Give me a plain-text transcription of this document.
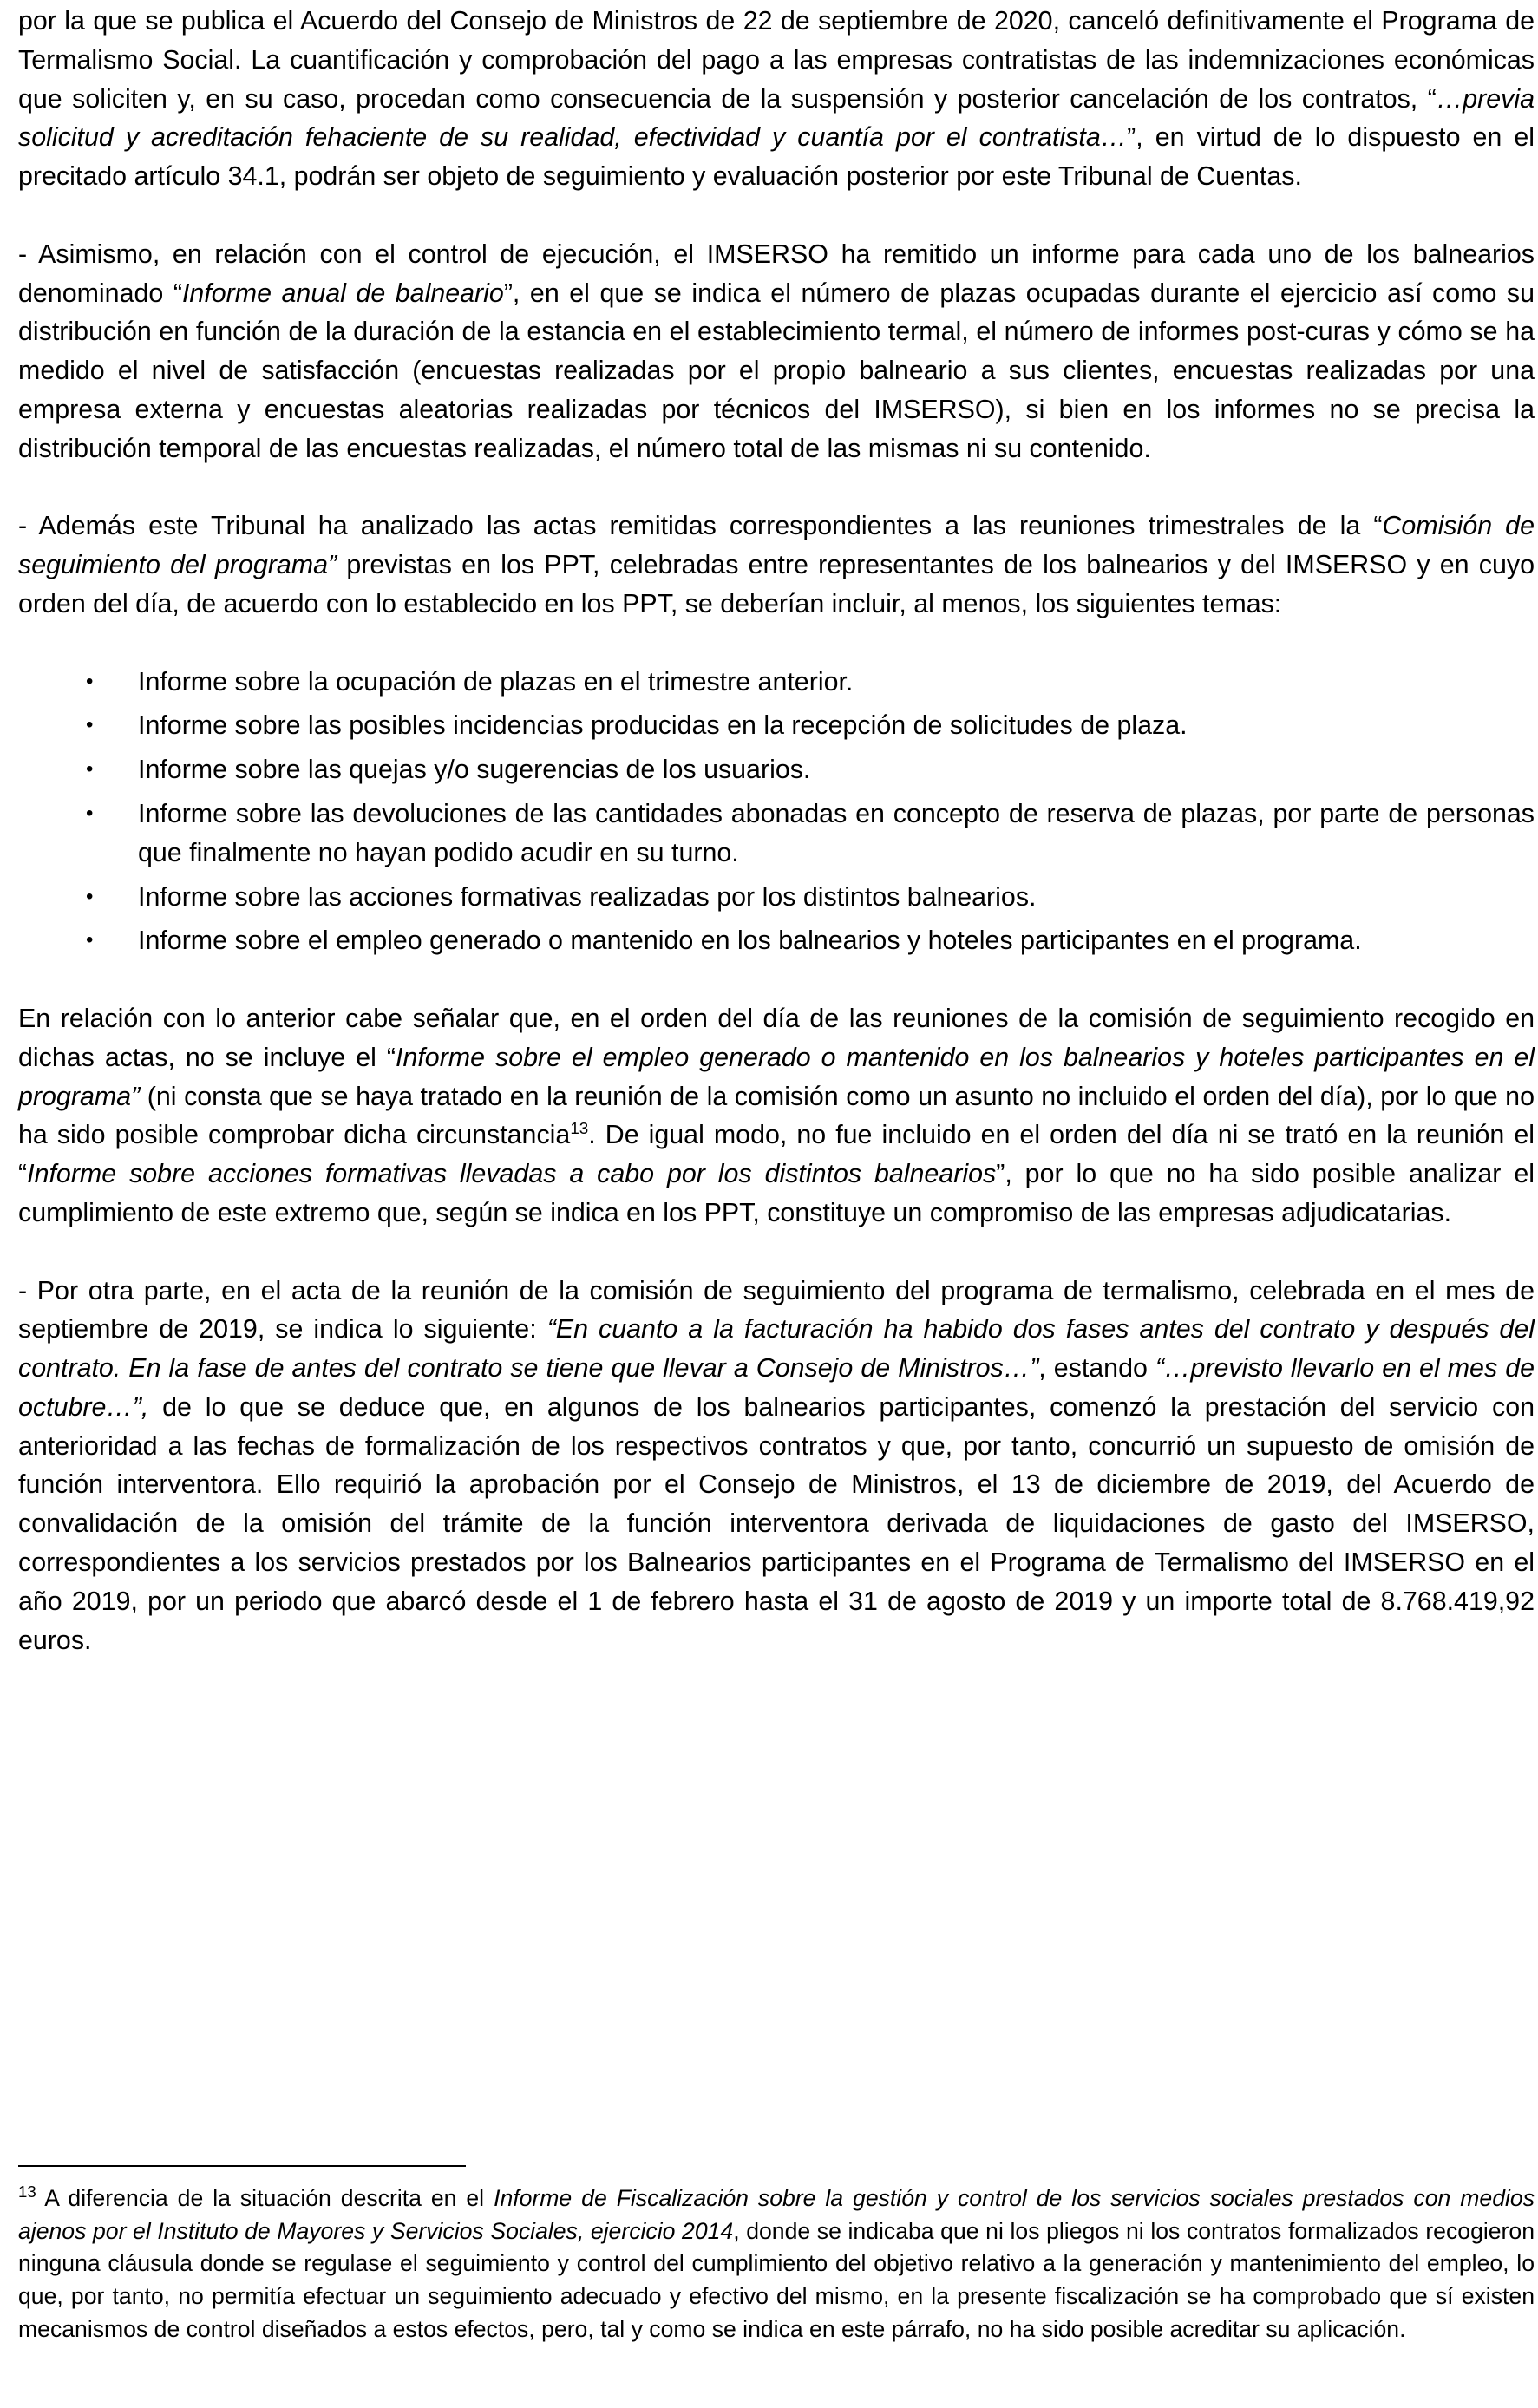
por la que se publica el Acuerdo del Consejo de Ministros de 22 de septiembre de 2020, canceló definitivamente el Programa de Termalismo Social. La cuantificación y comprobación del pago a las empresas contratistas de las indemnizaciones económicas que soliciten y, en su caso, procedan como consecuencia de la suspensión y posterior cancelación de los contratos, “…previa solicitud y acreditación fehaciente de su realidad, efectividad y cuantía por el contratista…”, en virtud de lo dispuesto en el precitado artículo 34.1, podrán ser objeto de seguimiento y evaluación posterior por este Tribunal de Cuentas.

- Asimismo, en relación con el control de ejecución, el IMSERSO ha remitido un informe para cada uno de los balnearios denominado “Informe anual de balneario”, en el que se indica el número de plazas ocupadas durante el ejercicio así como su distribución en función de la duración de la estancia en el establecimiento termal, el número de informes post-curas y cómo se ha medido el nivel de satisfacción (encuestas realizadas por el propio balneario a sus clientes, encuestas realizadas por una empresa externa y encuestas aleatorias realizadas por técnicos del IMSERSO), si bien en los informes no se precisa la distribución temporal de las encuestas realizadas, el número total de las mismas ni su contenido.

- Además este Tribunal ha analizado las actas remitidas correspondientes a las reuniones trimestrales de la “Comisión de seguimiento del programa” previstas en los PPT, celebradas entre representantes de los balnearios y del IMSERSO y en cuyo orden del día, de acuerdo con lo establecido en los PPT, se deberían incluir, al menos, los siguientes temas:

• Informe sobre la ocupación de plazas en el trimestre anterior.
• Informe sobre las posibles incidencias producidas en la recepción de solicitudes de plaza.
• Informe sobre las quejas y/o sugerencias de los usuarios.
• Informe sobre las devoluciones de las cantidades abonadas en concepto de reserva de plazas, por parte de personas que finalmente no hayan podido acudir en su turno.
• Informe sobre las acciones formativas realizadas por los distintos balnearios.
• Informe sobre el empleo generado o mantenido en los balnearios y hoteles participantes en el programa.

En relación con lo anterior cabe señalar que, en el orden del día de las reuniones de la comisión de seguimiento recogido en dichas actas, no se incluye el “Informe sobre el empleo generado o mantenido en los balnearios y hoteles participantes en el programa” (ni consta que se haya tratado en la reunión de la comisión como un asunto no incluido el orden del día), por lo que no ha sido posible comprobar dicha circunstancia$^{13}$. De igual modo, no fue incluido en el orden del día ni se trató en la reunión el “Informe sobre acciones formativas llevadas a cabo por los distintos balnearios”, por lo que no ha sido posible analizar el cumplimiento de este extremo que, según se indica en los PPT, constituye un compromiso de las empresas adjudicatarias.

- Por otra parte, en el acta de la reunión de la comisión de seguimiento del programa de termalismo, celebrada en el mes de septiembre de 2019, se indica lo siguiente: “En cuanto a la facturación ha habido dos fases antes del contrato y después del contrato. En la fase de antes del contrato se tiene que llevar a Consejo de Ministros…”, estando “…previsto llevarlo en el mes de octubre…”, de lo que se deduce que, en algunos de los balnearios participantes, comenzó la prestación del servicio con anterioridad a las fechas de formalización de los respectivos contratos y que, por tanto, concurrió un supuesto de omisión de función interventora. Ello requirió la aprobación por el Consejo de Ministros, el 13 de diciembre de 2019, del Acuerdo de convalidación de la omisión del trámite de la función interventora derivada de liquidaciones de gasto del IMSERSO, correspondientes a los servicios prestados por los Balnearios participantes en el Programa de Termalismo del IMSERSO en el año 2019, por un periodo que abarcó desde el 1 de febrero hasta el 31 de agosto de 2019 y un importe total de 8.768.419,92 euros.

$^{13}$ A diferencia de la situación descrita en el Informe de Fiscalización sobre la gestión y control de los servicios sociales prestados con medios ajenos por el Instituto de Mayores y Servicios Sociales, ejercicio 2014, donde se indicaba que ni los pliegos ni los contratos formalizados recogieron ninguna cláusula donde se regulase el seguimiento y control del cumplimiento del objetivo relativo a la generación y mantenimiento del empleo, lo que, por tanto, no permitía efectuar un seguimiento adecuado y efectivo del mismo, en la presente fiscalización se ha comprobado que sí existen mecanismos de control diseñados a estos efectos, pero, tal y como se indica en este párrafo, no ha sido posible acreditar su aplicación.
